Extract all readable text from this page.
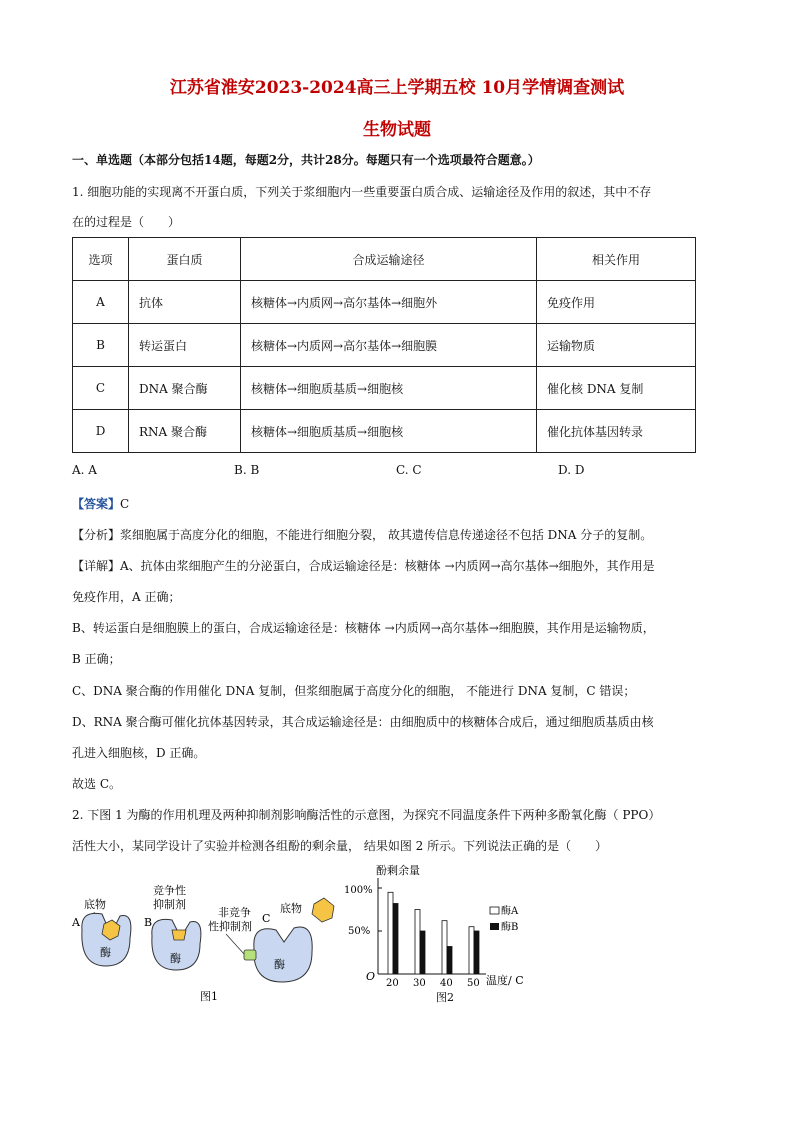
江苏省淮安2023-2024高三上学期五校 10月学情调查测试
生物试题
一、单选题（本部分包括14题，每题2分，共计28分。每题只有一个选项最符合题意。）
1. 细胞功能的实现离不开蛋白质，下列关于浆细胞内一些重要蛋白质合成、运输途径及作用的叙述，其中不存
在的过程是（　　）
选项	蛋白质	合成运输途径	相关作用
A	抗体	核糖体→内质网→高尔基体→细胞外	免疫作用
B	转运蛋白	核糖体→内质网→高尔基体→细胞膜	运输物质
C	DNA 聚合酶	核糖体→细胞质基质→细胞核	催化核 DNA 复制
D	RNA 聚合酶	核糖体→细胞质基质→细胞核	催化抗体基因转录
A. A	B. B	C. C	D. D
【答案】C
【分析】浆细胞属于高度分化的细胞，不能进行细胞分裂， 故其遗传信息传递途径不包括 DNA 分子的复制。
【详解】A、抗体由浆细胞产生的分泌蛋白，合成运输途径是：核糖体 →内质网→高尔基体→细胞外，其作用是
免疫作用，A 正确；
B、转运蛋白是细胞膜上的蛋白，合成运输途径是：核糖体 →内质网→高尔基体→细胞膜，其作用是运输物质，
B 正确；
C、DNA 聚合酶的作用催化 DNA 复制，但浆细胞属于高度分化的细胞， 不能进行 DNA 复制，C 错误；
D、RNA 聚合酶可催化抗体基因转录，其合成运输途径是：由细胞质中的核糖体合成后，通过细胞质基质由核
孔进入细胞核，D 正确。
故选 C。
2. 下图 1 为酶的作用机理及两种抑制剂影响酶活性的示意图，为探究不同温度条件下两种多酚氧化酶（ PPO）
活性大小，某同学设计了实验并检测各组酚的剩余量， 结果如图 2 所示。下列说法正确的是（　　）
A
底物
酶
竞争性
抑制剂
B
酶
非竞争
性抑制剂
C
底物
酶
图1
酚剩余量
100%
50%
O	温度/ C
20 30 40 50
酶A
酶B
图2
